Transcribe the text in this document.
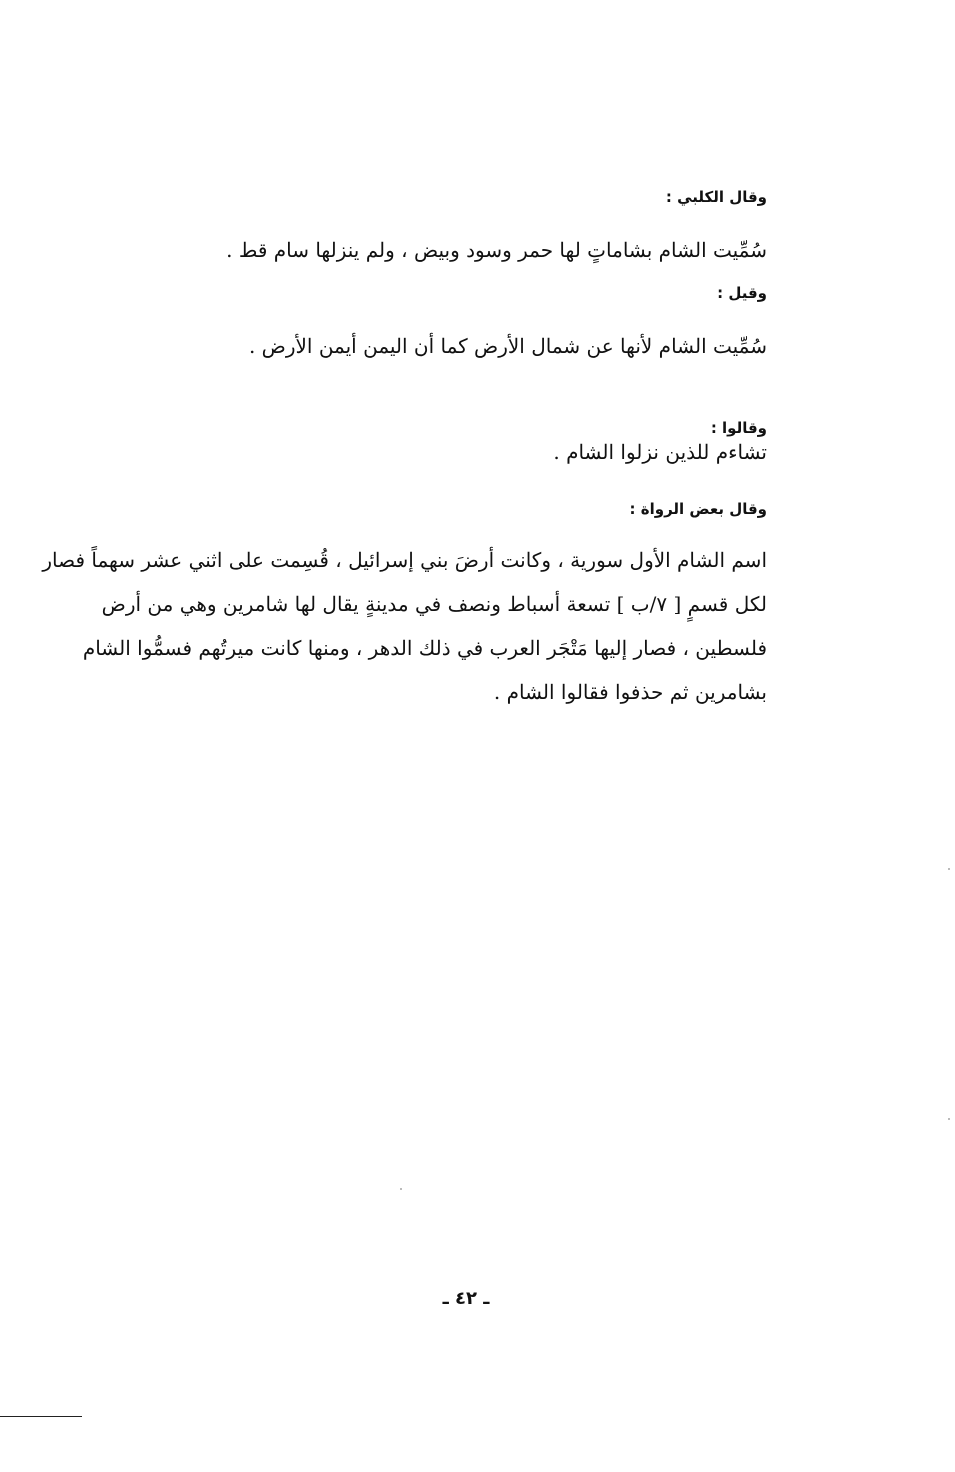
وقال الكلبي :
سُمِّيت الشام بشاماتٍ لها حمر وسود وبيض ، ولم ينزلها سام قط .
وقيل :
سُمِّيت الشام لأنها عن شمال الأرض كما أن اليمن أيمن الأرض .
وقالوا :
تشاءم للذين نزلوا الشام .
وقال بعض الرواة :
اسم الشام الأول سورية ، وكانت أرضَ بني إسرائيل ، قُسِمت على اثني عشر سهماً فصار
لكل قسمٍ [ ٧/ب ] تسعة أسباط ونصف في مدينةٍ يقال لها شامرين وهي من أرض
فلسطين ، فصار إليها مَتْجَر العرب في ذلك الدهر ، ومنها كانت ميرتُهم فسمُّوا الشام
بشامرين ثم حذفوا فقالوا الشام .
ـ ٤٢ ـ
